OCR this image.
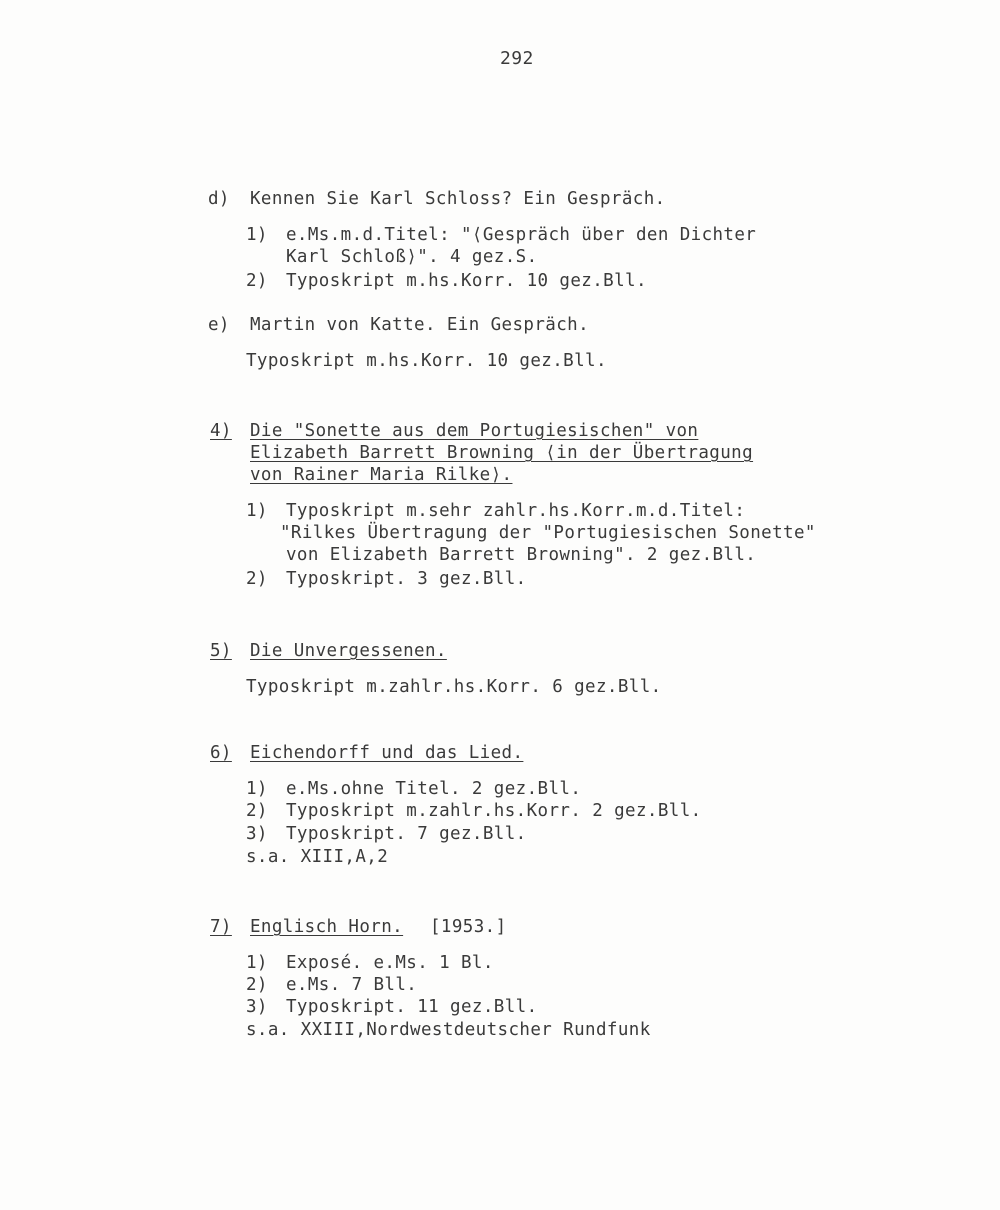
292
d) Kennen Sie Karl Schloss? Ein Gespräch.
1) e.Ms.m.d.Titel: "⟨Gespräch über den Dichter
Karl Schloß⟩". 4 gez.S.
2) Typoskript m.hs.Korr. 10 gez.Bll.
e) Martin von Katte. Ein Gespräch.
Typoskript m.hs.Korr. 10 gez.Bll.
4) Die "Sonette aus dem Portugiesischen" von
Elizabeth Barrett Browning ⟨in der Übertragung
von Rainer Maria Rilke⟩.
1) Typoskript m.sehr zahlr.hs.Korr.m.d.Titel:
"Rilkes Übertragung der "Portugiesischen Sonette"
von Elizabeth Barrett Browning". 2 gez.Bll.
2) Typoskript. 3 gez.Bll.
5) Die Unvergessenen.
Typoskript m.zahlr.hs.Korr. 6 gez.Bll.
6) Eichendorff und das Lied.
1) e.Ms.ohne Titel. 2 gez.Bll.
2) Typoskript m.zahlr.hs.Korr. 2 gez.Bll.
3) Typoskript. 7 gez.Bll.
s.a. XIII,A,2
7) Englisch Horn. [1953.]
1) Exposé. e.Ms. 1 Bl.
2) e.Ms. 7 Bll.
3) Typoskript. 11 gez.Bll.
s.a. XXIII,Nordwestdeutscher Rundfunk
